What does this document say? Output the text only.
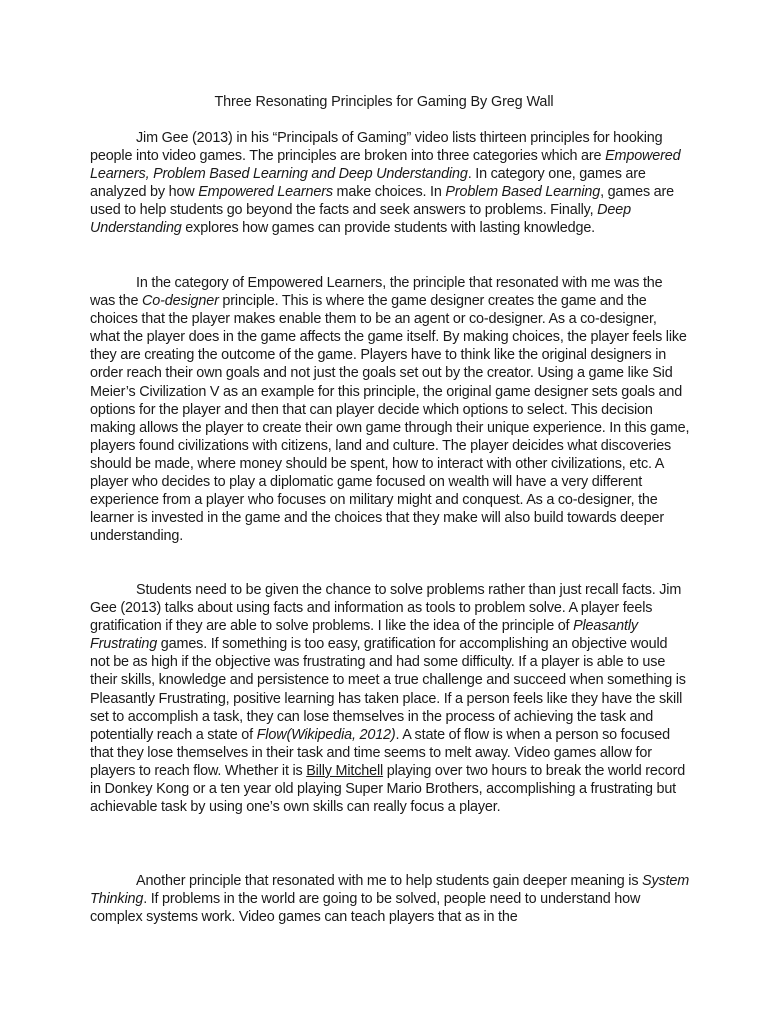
Three Resonating Principles for Gaming By Greg Wall

Jim Gee (2013) in his “Principals of Gaming” video lists thirteen principles for hooking people into video games. The principles are broken into three categories which are Empowered Learners, Problem Based Learning and Deep Understanding. In category one, games are analyzed by how Empowered Learners make choices. In Problem Based Learning, games are used to help students go beyond the facts and seek answers to problems. Finally, Deep Understanding explores how games can provide students with lasting knowledge.

In the category of Empowered Learners, the principle that resonated with me was the was the Co-designer principle. This is where the game designer creates the game and the choices that the player makes enable them to be an agent or co-designer. As a co-designer, what the player does in the game affects the game itself. By making choices, the player feels like they are creating the outcome of the game. Players have to think like the original designers in order reach their own goals and not just the goals set out by the creator. Using a game like Sid Meier’s Civilization V as an example for this principle, the original game designer sets goals and options for the player and then that can player decide which options to select. This decision making allows the player to create their own game through their unique experience. In this game, players found civilizations with citizens, land and culture. The player deicides what discoveries should be made, where money should be spent, how to interact with other civilizations, etc. A player who decides to play a diplomatic game focused on wealth will have a very different experience from a player who focuses on military might and conquest. As a co-designer, the learner is invested in the game and the choices that they make will also build towards deeper understanding.

Students need to be given the chance to solve problems rather than just recall facts. Jim Gee (2013) talks about using facts and information as tools to problem solve. A player feels gratification if they are able to solve problems. I like the idea of the principle of Pleasantly Frustrating games. If something is too easy, gratification for accomplishing an objective would not be as high if the objective was frustrating and had some difficulty. If a player is able to use their skills, knowledge and persistence to meet a true challenge and succeed when something is Pleasantly Frustrating, positive learning has taken place. If a person feels like they have the skill set to accomplish a task, they can lose themselves in the process of achieving the task and potentially reach a state of Flow(Wikipedia, 2012). A state of flow is when a person so focused that they lose themselves in their task and time seems to melt away. Video games allow for players to reach flow. Whether it is Billy Mitchell playing over two hours to break the world record in Donkey Kong or a ten year old playing Super Mario Brothers, accomplishing a frustrating but achievable task by using one’s own skills can really focus a player.

Another principle that resonated with me to help students gain deeper meaning is System Thinking. If problems in the world are going to be solved, people need to understand how complex systems work. Video games can teach players that as in the
